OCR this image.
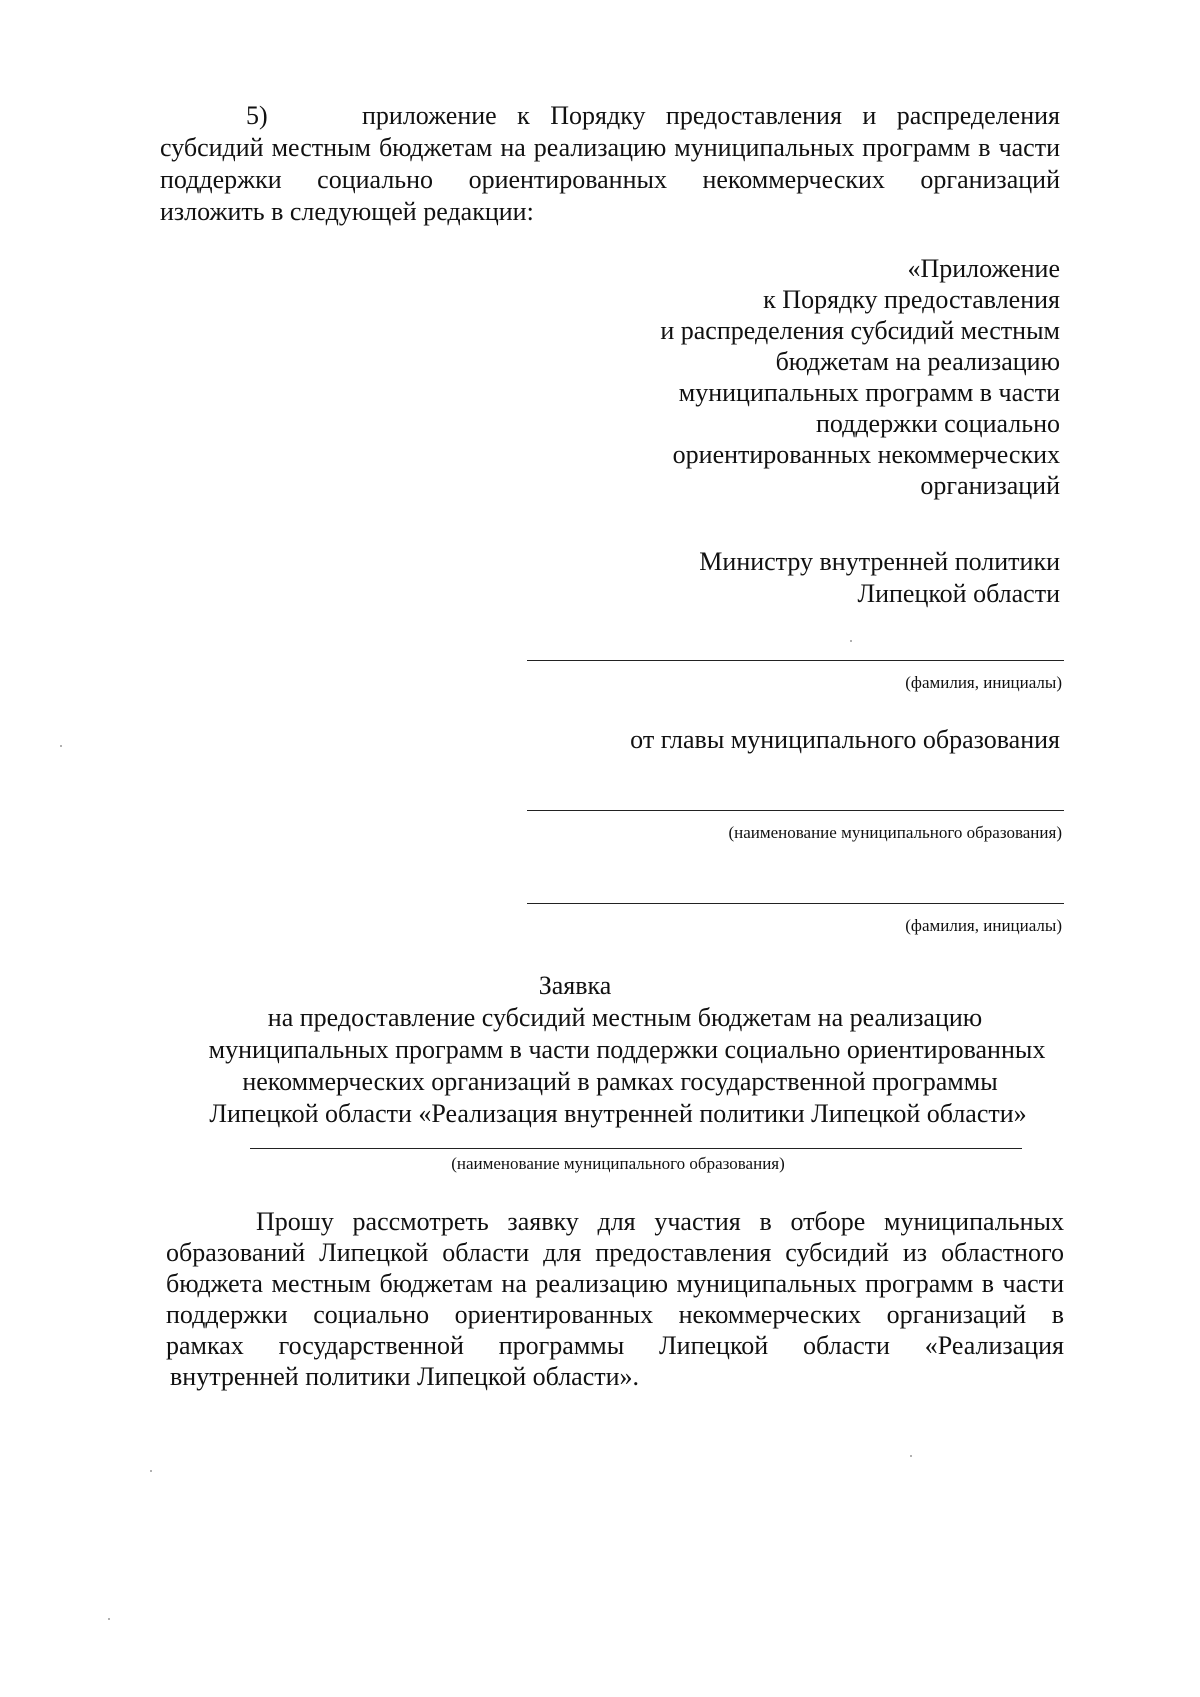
5)	приложение к Порядку предоставления и распределения
субсидий местным бюджетам на реализацию муниципальных программ в части
поддержки социально ориентированных некоммерческих организаций
изложить в следующей редакции:
«Приложение
к Порядку предоставления
и распределения субсидий местным
бюджетам на реализацию
муниципальных программ в части
поддержки социально
ориентированных некоммерческих
организаций
Министру внутренней политики
Липецкой области
(фамилия, инициалы)
от главы муниципального образования
(наименование муниципального образования)
(фамилия, инициалы)
Заявка
на предоставление субсидий местным бюджетам на реализацию
муниципальных программ в части поддержки социально ориентированных
некоммерческих организаций в рамках государственной программы
Липецкой области «Реализация внутренней политики Липецкой области»
(наименование муниципального образования)
Прошу рассмотреть заявку для участия в отборе муниципальных
образований Липецкой области для предоставления субсидий из областного
бюджета местным бюджетам на реализацию муниципальных программ в части
поддержки социально ориентированных некоммерческих организаций в
рамках государственной программы Липецкой области «Реализация
внутренней политики Липецкой области».
